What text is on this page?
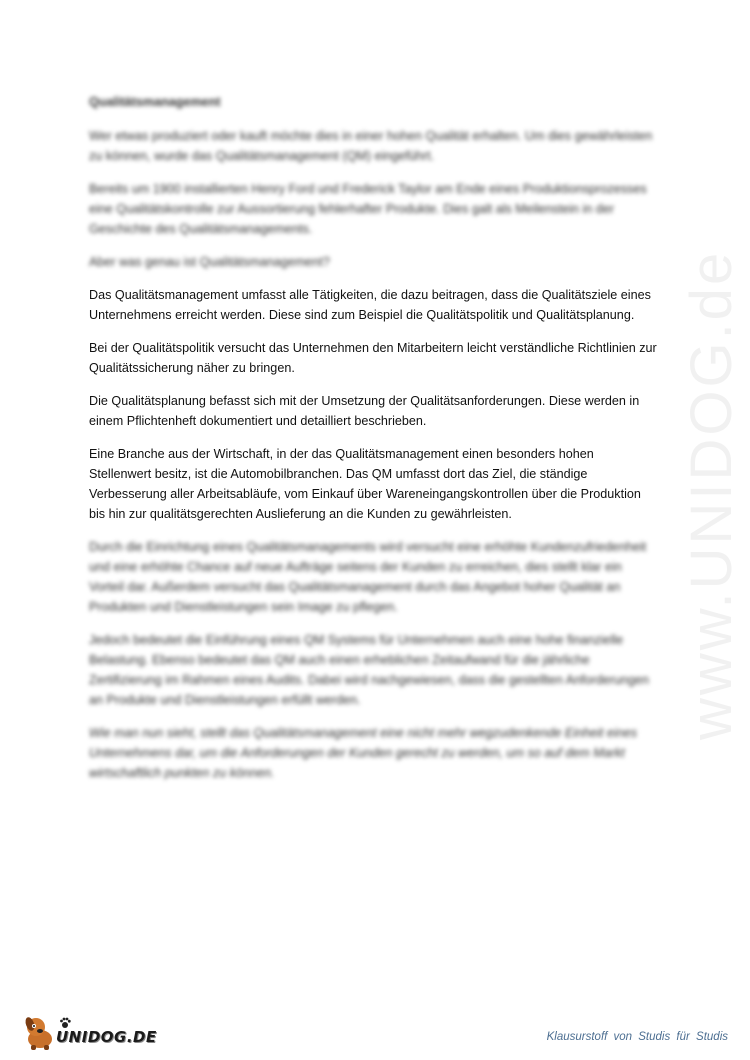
www.UNIDOG.de

Qualitätsmanagement

Wer etwas produziert oder kauft möchte dies in einer hohen Qualität erhalten. Um dies gewährleisten zu können, wurde das Qualitätsmanagement (QM) eingeführt.

Bereits um 1900 installierten Henry Ford und Frederick Taylor am Ende eines Produktionsprozesses eine Qualitätskontrolle zur Aussortierung fehlerhafter Produkte. Dies galt als Meilenstein in der Geschichte des Qualitätsmanagements.

Aber was genau ist Qualitätsmanagement?

Das Qualitätsmanagement umfasst alle Tätigkeiten, die dazu beitragen, dass die Qualitätsziele eines Unternehmens erreicht werden. Diese sind zum Beispiel die Qualitätspolitik und Qualitätsplanung.

Bei der Qualitätspolitik versucht das Unternehmen den Mitarbeitern leicht verständliche Richtlinien zur Qualitätssicherung näher zu bringen.

Die Qualitätsplanung befasst sich mit der Umsetzung der Qualitätsanforderungen. Diese werden in einem Pflichtenheft dokumentiert und detailliert beschrieben.

Eine Branche aus der Wirtschaft, in der das Qualitätsmanagement einen besonders hohen Stellenwert besitz, ist die Automobilbranchen. Das QM umfasst dort das Ziel, die ständige Verbesserung aller Arbeitsabläufe, vom Einkauf über Wareneingangskontrollen über die Produktion bis hin zur qualitätsgerechten Auslieferung an die Kunden zu gewährleisten.

Durch die Einrichtung eines Qualitätsmanagements wird versucht eine erhöhte Kundenzufriedenheit und eine erhöhte Chance auf neue Aufträge seitens der Kunden zu erreichen, dies stellt klar ein Vorteil dar. Außerdem versucht das Qualitätsmanagement durch das Angebot hoher Qualität an Produkten und Dienstleistungen sein Image zu pflegen.

Jedoch bedeutet die Einführung eines QM Systems für Unternehmen auch eine hohe finanzielle Belastung. Ebenso bedeutet das QM auch einen erheblichen Zeitaufwand für die jährliche Zertifizierung im Rahmen eines Audits. Dabei wird nachgewiesen, dass die gestellten Anforderungen an Produkte und Dienstleistungen erfüllt werden.

Wie man nun sieht, stellt das Qualitätsmanagement eine nicht mehr wegzudenkende Einheit eines Unternehmens dar, um die Anforderungen der Kunden gerecht zu werden, um so auf dem Markt wirtschaftlich punkten zu können.

UNIDOG.DE	Klausurstoff von Studis für Studis
